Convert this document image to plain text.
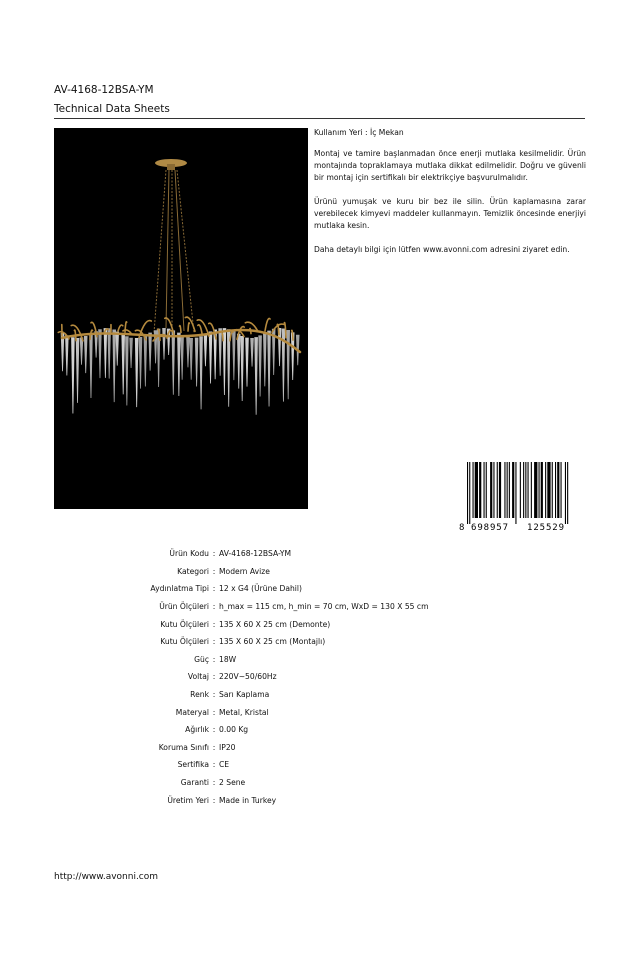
AV-4168-12BSA-YM
Technical Data Sheets

Kullanım Yeri : İç Mekan

Montaj ve tamire başlanmadan önce enerji mutlaka kesilmelidir. Ürün montajında topraklamaya mutlaka dikkat edilmelidir. Doğru ve güvenli bir montaj için sertifikalı bir elektrikçiye başvurulmalıdır.

Ürünü yumuşak ve kuru bir bez ile silin. Ürün kaplamasına zarar verebilecek kimyevi maddeler kullanmayın. Temizlik öncesinde enerjiyi mutlaka kesin.

Daha detaylı bilgi için lütfen www.avonni.com adresini ziyaret edin.

8 698957 125529
Ürün Kodu : AV-4168-12BSA-YM
Kategori : Modern Avize
Aydınlatma Tipi : 12 x G4 (Ürüne Dahil)
Ürün Ölçüleri : h_max = 115 cm, h_min = 70 cm, WxD = 130 X 55 cm
Kutu Ölçüleri : 135 X 60 X 25 cm (Demonte)
Kutu Ölçüleri : 135 X 60 X 25 cm (Montajlı)
Güç : 18W
Voltaj : 220V~50/60Hz
Renk : Sarı Kaplama
Materyal : Metal, Kristal
Ağırlık : 0.00 Kg
Koruma Sınıfı : IP20
Sertifika : CE
Garanti : 2 Sene
Üretim Yeri : Made in Turkey
http://www.avonni.com
